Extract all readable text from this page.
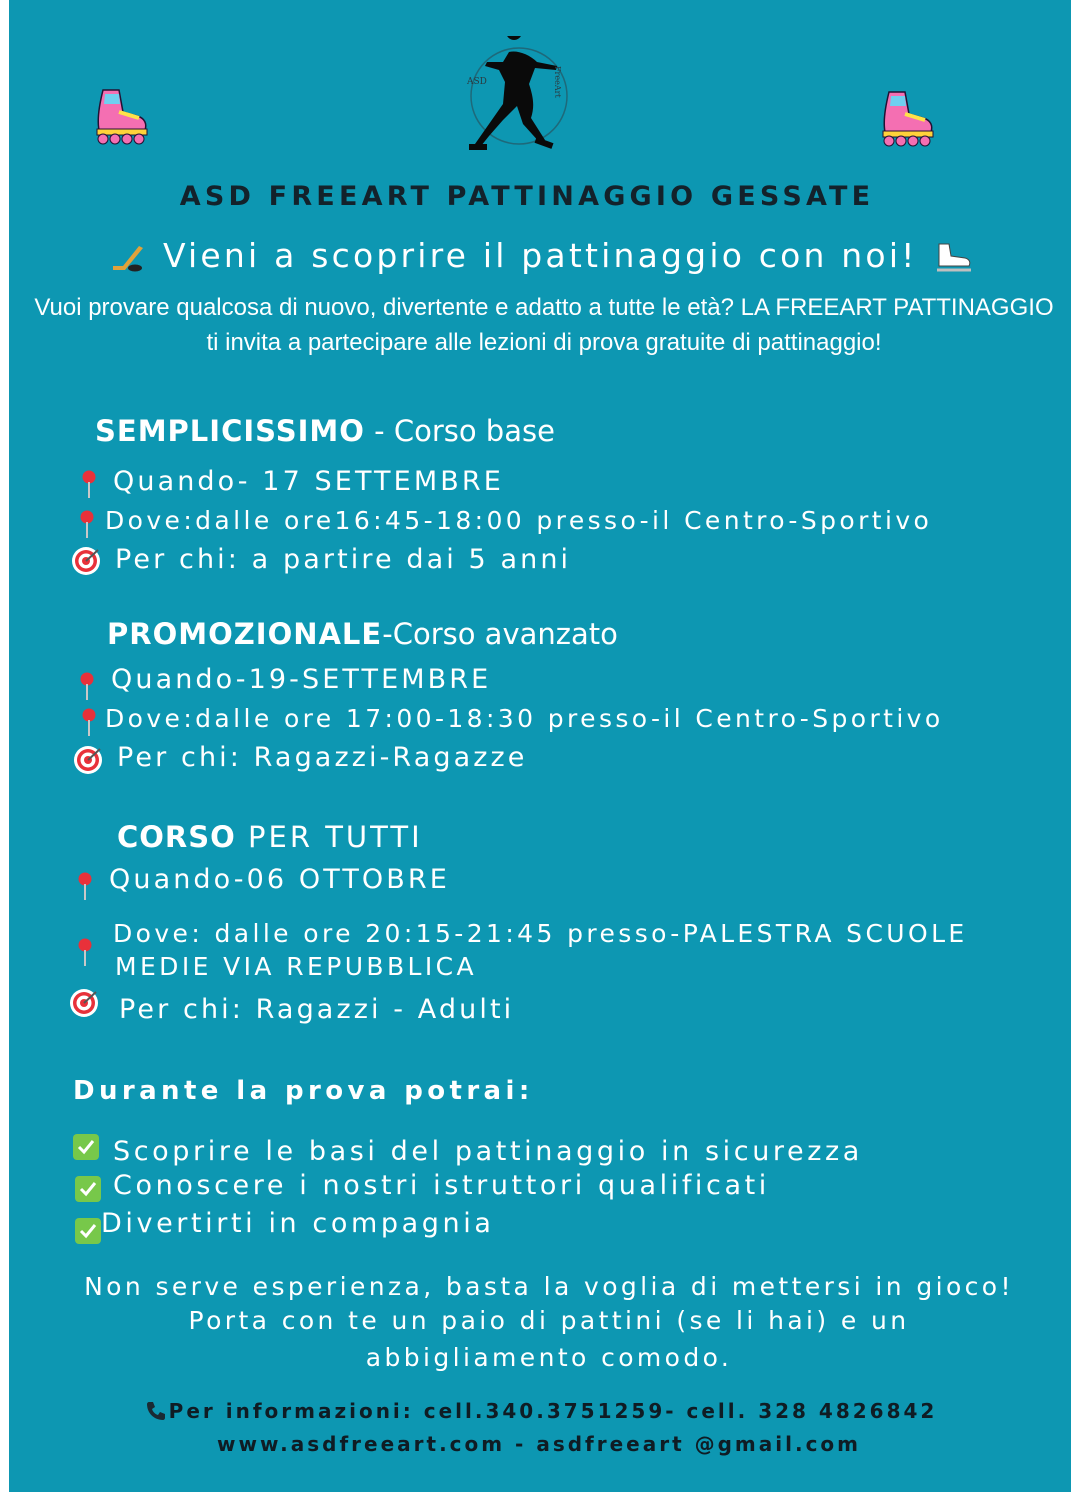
ASD	FreeArt
ASD FREEART PATTINAGGIO GESSATE
Vieni a scoprire il pattinaggio con noi!
Vuoi provare qualcosa di nuovo, divertente e adatto a tutte le età? LA FREEART PATTINAGGIO ti invita a partecipare alle lezioni di prova gratuite di pattinaggio!
SEMPLICISSIMO - Corso base
Quando- 17 SETTEMBRE
Dove:dalle ore16:45-18:00 presso-il Centro-Sportivo
Per chi: a partire dai 5 anni
PROMOZIONALE-Corso avanzato
Quando-19-SETTEMBRE
Dove:dalle ore 17:00-18:30 presso-il Centro-Sportivo
Per chi: Ragazzi-Ragazze
CORSO PER TUTTI
Quando-06 OTTOBRE
Dove: dalle ore 20:15-21:45 presso-PALESTRA SCUOLE
MEDIE VIA REPUBBLICA
Per chi: Ragazzi - Adulti
Durante la prova potrai:
Scoprire le basi del pattinaggio in sicurezza
Conoscere i nostri istruttori qualificati
Divertirti in compagnia
Non serve esperienza, basta la voglia di mettersi in gioco!
Porta con te un paio di pattini (se li hai) e un
abbigliamento comodo.
Per informazioni: cell.340.3751259- cell. 328 4826842
www.asdfreeart.com - asdfreeart @gmail.com
